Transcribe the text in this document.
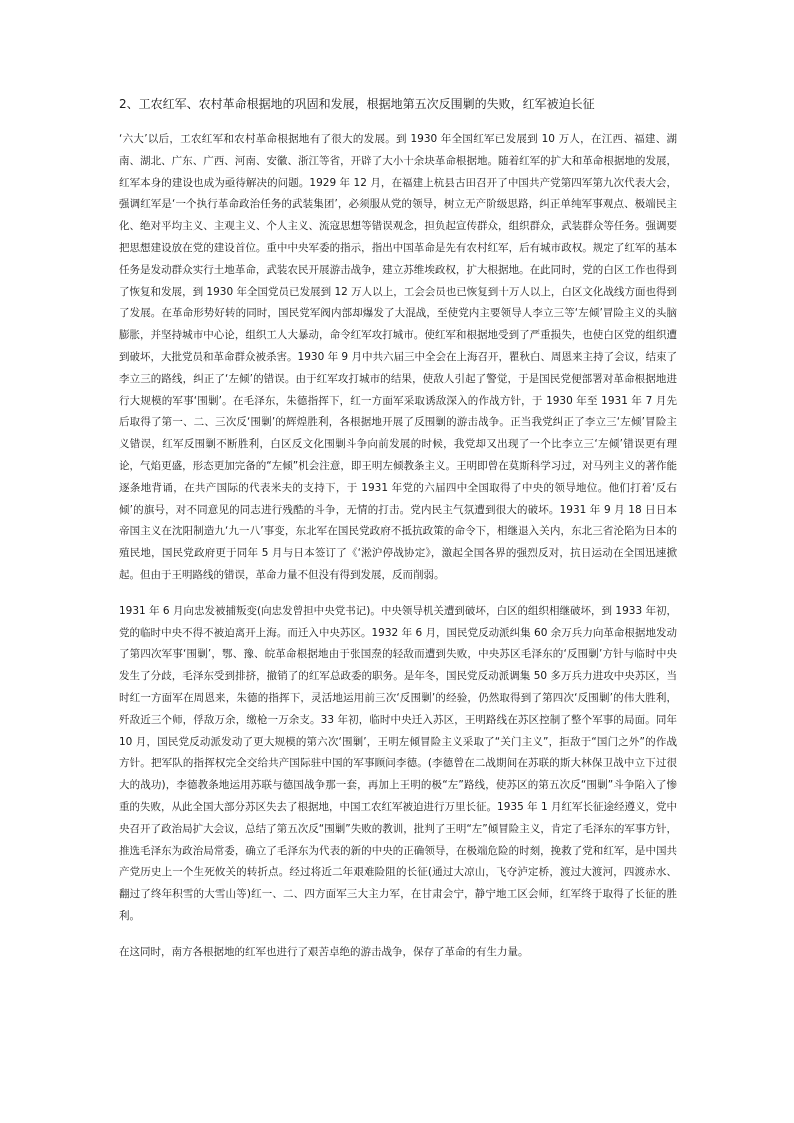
2、工农红军、农村革命根据地的巩固和发展，根据地第五次反围剿的失败，红军被迫长征

‘六大’以后，工农红军和农村革命根据地有了很大的发展。到 1930 年全国红军已发展到 10 万人，在江西、福建、湖南、湖北、广东、广西、河南、安徽、浙江等省，开辟了大小十余块革命根据地。随着红军的扩大和革命根据地的发展，红军本身的建设也成为亟待解决的问题。1929 年 12 月，在福建上杭县古田召开了中国共产党第四军第九次代表大会，强调红军是‘一个执行革命政治任务的武装集团’，必须服从党的领导，树立无产阶级思路，纠正单纯军事观点、极端民主化、绝对平均主义、主观主义、个人主义、流寇思想等错误观念，担负起宣传群众，组织群众，武装群众等任务。强调要把思想建设放在党的建设首位。重中中央军委的指示，指出中国革命是先有农村红军，后有城市政权。规定了红军的基本任务是发动群众实行土地革命，武装农民开展游击战争，建立苏维埃政权，扩大根据地。在此同时，党的白区工作也得到了恢复和发展，到 1930 年全国党员已发展到 12 万人以上，工会会员也已恢复到十万人以上，白区文化战线方面也得到了发展。在革命形势好转的同时，国民党军阀内部却爆发了大混战，至使党内主要领导人李立三等‘左倾’冒险主义的头脑膨胀，并坚持城市中心论，组织工人大暴动，命令红军攻打城市。使红军和根据地受到了严重损失，也使白区党的组织遭到破坏，大批党员和革命群众被杀害。1930 年 9 月中共六届三中全会在上海召开，瞿秋白、周恩来主持了会议，结束了李立三的路线，纠正了‘左倾’的错误。由于红军攻打城市的结果，使敌人引起了警觉，于是国民党便部署对革命根据地进行大规模的军事‘围剿’。在毛泽东，朱德指挥下，红一方面军采取诱敌深入的作战方针，于 1930 年至 1931 年 7 月先后取得了第一、二、三次反‘围剿’的辉煌胜利，各根据地开展了反围剿的游击战争。正当我党纠正了李立三‘左倾’冒险主义错误，红军反围剿不断胜利，白区反文化围剿斗争向前发展的时候，我党却又出现了一个比李立三‘左倾’错误更有理论，气焰更盛，形态更加完备的“左倾”机会注意，即王明左倾教条主义。王明即曾在莫斯科学习过，对马列主义的著作能逐条地背诵，在共产国际的代表米夫的支持下，于 1931 年党的六届四中全国取得了中央的领导地位。他们打着‘反右倾’的旗号，对不同意见的同志进行残酷的斗争，无情的打击。党内民主气氛遭到很大的破坏。1931 年 9 月 18 日日本帝国主义在沈阳制造九‘九一八’事变，东北军在国民党政府不抵抗政策的命令下，相继退入关内，东北三省沦陷为日本的殖民地，国民党政府更于同年 5 月与日本签订了《‘淞沪停战协定》，激起全国各界的强烈反对，抗日运动在全国迅速掀起。但由于王明路线的错误，革命力量不但没有得到发展，反而削弱。

1931 年 6 月向忠发被捕叛变(向忠发曾担中央党书记)。中央领导机关遭到破坏，白区的组织相继破坏，到 1933 年初，党的临时中央不得不被迫离开上海。而迁入中央苏区。1932 年 6 月，国民党反动派纠集 60 余万兵力向革命根据地发动了第四次军事‘围剿’，鄂、豫、皖革命根据地由于张国焘的轻敌而遭到失败，中央苏区毛泽东的‘反围剿’方针与临时中央发生了分歧，毛泽东受到排挤，撤销了的红军总政委的职务。是年冬，国民党反动派调集 50 多万兵力进攻中央苏区，当时红一方面军在周恩来，朱德的指挥下，灵活地运用前三次‘反围剿’的经验，仍然取得到了第四次‘反围剿’的伟大胜利，歼敌近三个师，俘敌万余，缴枪一万余支。33 年初，临时中央迁入苏区，王明路线在苏区控制了整个军事的局面。同年 10 月，国民党反动派发动了更大规模的第六次‘围剿’，王明左倾冒险主义采取了“关门主义”，拒敌于“国门之外”的作战方针。把军队的指挥权完全交给共产国际驻中国的军事顾问李德。(李德曾在二战期间在苏联的斯大林保卫战中立下过很大的战功)，李德教条地运用苏联与德国战争那一套，再加上王明的极“左”路线，使苏区的第五次反“围剿”斗争陷入了惨重的失败，从此全国大部分苏区失去了根据地，中国工农红军被迫进行万里长征。1935 年 1 月红军长征途经遵义，党中央召开了政治局扩大会议，总结了第五次反“围剿”失败的教训，批判了王明“左”倾冒险主义，肯定了毛泽东的军事方针，推选毛泽东为政治局常委，确立了毛泽东为代表的新的中央的正确领导，在极端危险的时刻，挽救了党和红军，是中国共产党历史上一个生死攸关的转折点。经过将近二年艰难险阻的长征(通过大凉山，飞夺泸定桥，渡过大渡河，四渡赤水、翻过了终年积雪的大雪山等)红一、二、四方面军三大主力军，在甘肃会宁，静宁地工区会师，红军终于取得了长征的胜利。

在这同时，南方各根据地的红军也进行了艰苦卓绝的游击战争，保存了革命的有生力量。
